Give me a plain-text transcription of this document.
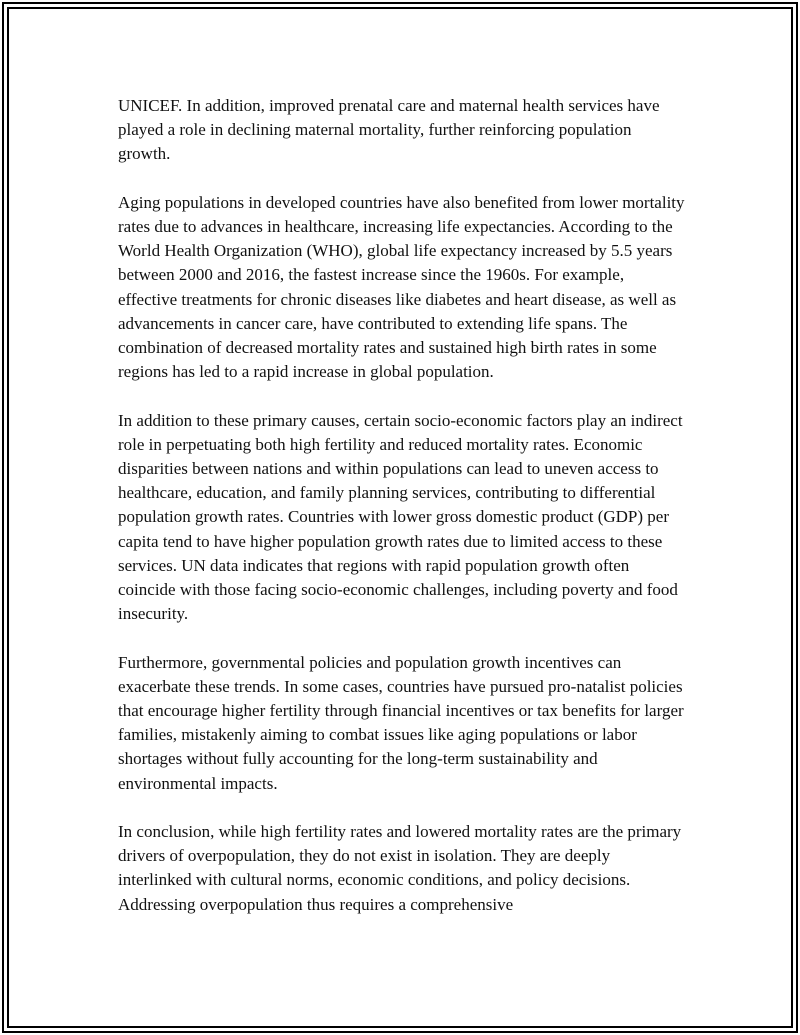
UNICEF. In addition, improved prenatal care and maternal health services have played a role in declining maternal mortality, further reinforcing population growth.

Aging populations in developed countries have also benefited from lower mortality rates due to advances in healthcare, increasing life expectancies. According to the World Health Organization (WHO), global life expectancy increased by 5.5 years between 2000 and 2016, the fastest increase since the 1960s. For example, effective treatments for chronic diseases like diabetes and heart disease, as well as advancements in cancer care, have contributed to extending life spans. The combination of decreased mortality rates and sustained high birth rates in some regions has led to a rapid increase in global population.

In addition to these primary causes, certain socio-economic factors play an indirect role in perpetuating both high fertility and reduced mortality rates. Economic disparities between nations and within populations can lead to uneven access to healthcare, education, and family planning services, contributing to differential population growth rates. Countries with lower gross domestic product (GDP) per capita tend to have higher population growth rates due to limited access to these services. UN data indicates that regions with rapid population growth often coincide with those facing socio-economic challenges, including poverty and food insecurity.

Furthermore, governmental policies and population growth incentives can exacerbate these trends. In some cases, countries have pursued pro-natalist policies that encourage higher fertility through financial incentives or tax benefits for larger families, mistakenly aiming to combat issues like aging populations or labor shortages without fully accounting for the long-term sustainability and environmental impacts.

In conclusion, while high fertility rates and lowered mortality rates are the primary drivers of overpopulation, they do not exist in isolation. They are deeply interlinked with cultural norms, economic conditions, and policy decisions. Addressing overpopulation thus requires a comprehensive
